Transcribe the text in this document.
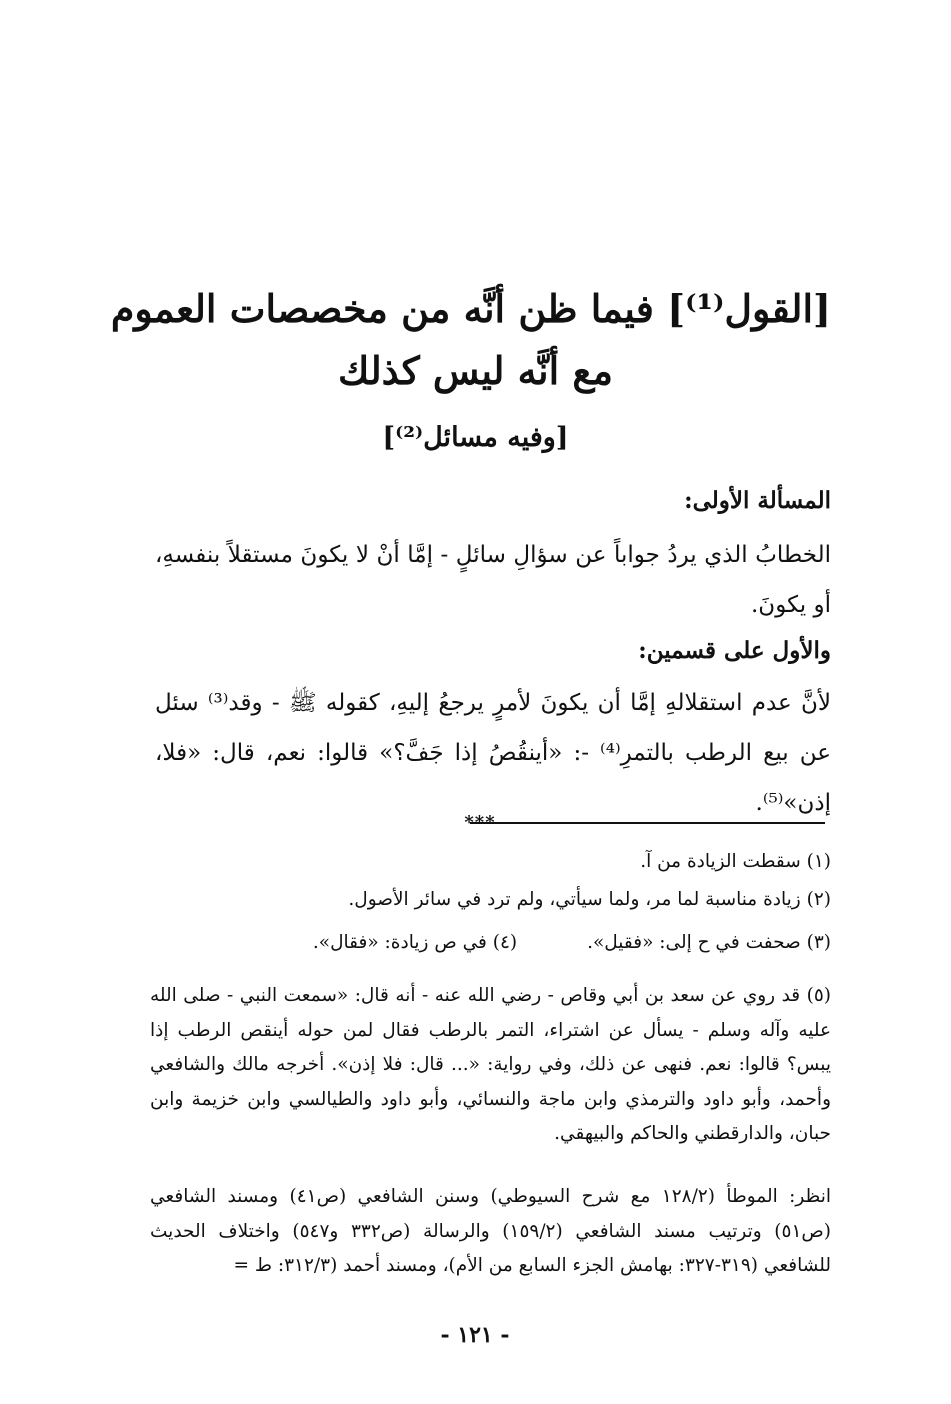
[القول⁽¹⁾] فيما ظن أنَّه من مخصصات العموم
مع أنَّه ليس كذلك
[وفيه مسائل⁽²⁾]
المسألة الأولى:
الخطابُ الذي يردُ جواباً عن سؤالِ سائلٍ - إمَّا أنْ لا يكونَ مستقلاً بنفسهِ، أو يكونَ.
والأول على قسمين:
لأنَّ عدم استقلالهِ إمَّا أن يكونَ لأمرٍ يرجعُ إليهِ، كقوله ﷺ - وقد⁽³⁾ سئل عن بيع الرطب بالتمرِ⁽⁴⁾ -: «أينقُصُ إذا جَفَّ؟» قالوا: نعم، قال: «فلا، إذن»⁽⁵⁾.
***
(١) سقطت الزيادة من آ.
(٢) زيادة مناسبة لما مر، ولما سيأتي، ولم ترد في سائر الأصول.
(٣) صحفت في ح إلى: «فقيل».(٤) في ص زيادة: «فقال».
(٥) قد روي عن سعد بن أبي وقاص - رضي الله عنه - أنه قال: «سمعت النبي - صلى الله عليه وآله وسلم - يسأل عن اشتراء، التمر بالرطب فقال لمن حوله أينقص الرطب إذا يبس؟ قالوا: نعم. فنهى عن ذلك، وفي رواية: «... قال: فلا إذن». أخرجه مالك والشافعي وأحمد، وأبو داود والترمذي وابن ماجة والنسائي، وأبو داود والطيالسي وابن خزيمة وابن حبان، والدارقطني والحاكم والبيهقي.
انظر: الموطأ (١٢٨/٢ مع شرح السيوطي) وسنن الشافعي (ص٤١) ومسند الشافعي (ص٥١) وترتيب مسند الشافعي (١٥٩/٢) والرسالة (ص٣٣٢ و٥٤٧) واختلاف الحديث للشافعي (٣١٩-٣٢٧: بهامش الجزء السابع من الأم)، ومسند أحمد (٣١٢/٣: ط =
- ١٢١ -
